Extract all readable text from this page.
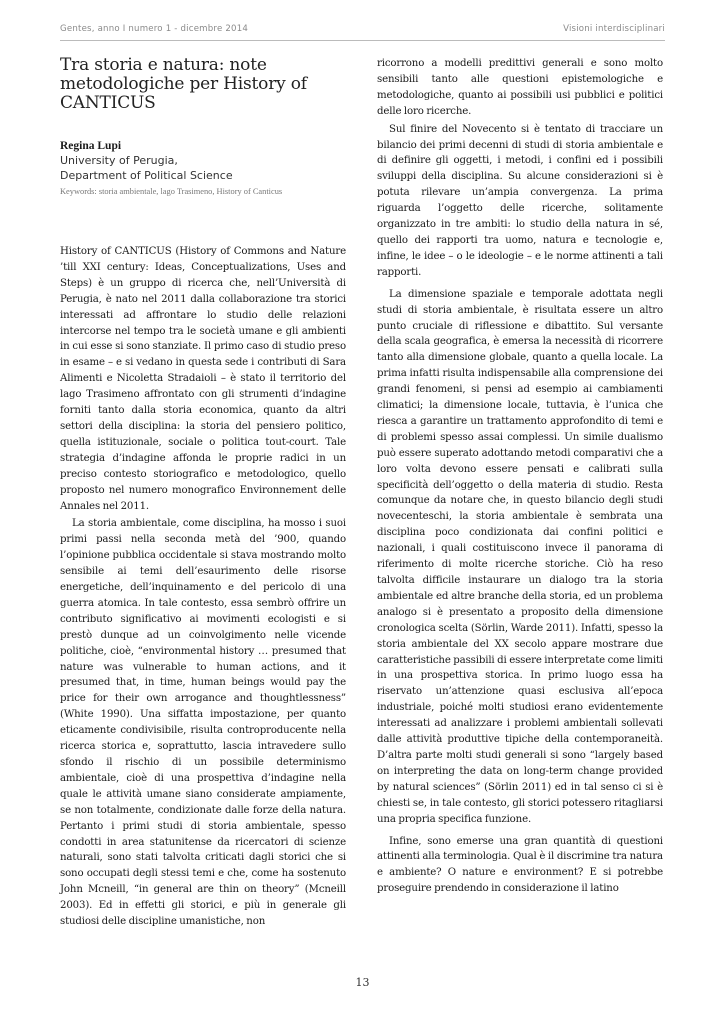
Gentes, anno I numero 1 - dicembre 2014	Visioni interdisciplinari
Tra storia e natura: note metodologiche per History of CANTICUS

Regina Lupi

University of Perugia,

Department of Political Science

Keywords: storia ambientale, lago Trasimeno, History of Canticus

History of CANTICUS (History of Commons and Nature ’till XXI century: Ideas, Conceptualizations, Uses and Steps) è un gruppo di ricerca che, nell’Università di Perugia, è nato nel 2011 dalla collaborazione tra storici interessati ad affrontare lo studio delle relazioni intercorse nel tempo tra le società umane e gli ambienti in cui esse si sono stanziate. Il primo caso di studio preso in esame – e si vedano in questa sede i contributi di Sara Alimenti e Nicoletta Stradaioli – è stato il territorio del lago Trasimeno affrontato con gli strumenti d’indagine forniti tanto dalla storia economica, quanto da altri settori della disciplina: la storia del pensiero politico, quella istituzionale, sociale o politica tout-court. Tale strategia d’indagine affonda le proprie radici in un preciso contesto storiografico e metodologico, quello proposto nel numero monografico Environnement delle Annales nel 2011.

La storia ambientale, come disciplina, ha mosso i suoi primi passi nella seconda metà del ’900, quando l’opinione pubblica occidentale si stava mostrando molto sensibile ai temi dell’esaurimento delle risorse energetiche, dell’inquinamento e del pericolo di una guerra atomica. In tale contesto, essa sembrò offrire un contributo significativo ai movimenti ecologisti e si prestò dunque ad un coinvolgimento nelle vicende politiche, cioè, “environmental history … presumed that nature was vulnerable to human actions, and it presumed that, in time, human beings would pay the price for their own arrogance and thoughtlessness” (White 1990). Una siffatta impostazione, per quanto eticamente condivisibile, risulta controproducente nella ricerca storica e, soprattutto, lascia intravedere sullo sfondo il rischio di un possibile determinismo ambientale, cioè di una prospettiva d’indagine nella quale le attività umane siano considerate ampiamente, se non totalmente, condizionate dalle forze della natura. Pertanto i primi studi di storia ambientale, spesso condotti in area statunitense da ricercatori di scienze naturali, sono stati talvolta criticati dagli storici che si sono occupati degli stessi temi e che, come ha sostenuto John Mcneill, “in general are thin on theory” (Mcneill 2003). Ed in effetti gli storici, e più in generale gli studiosi delle discipline umanistiche, non

ricorrono a modelli predittivi generali e sono molto sensibili tanto alle questioni epistemologiche e metodologiche, quanto ai possibili usi pubblici e politici delle loro ricerche.

Sul finire del Novecento si è tentato di tracciare un bilancio dei primi decenni di studi di storia ambientale e di definire gli oggetti, i metodi, i confini ed i possibili sviluppi della disciplina. Su alcune considerazioni si è potuta rilevare un’ampia convergenza. La prima riguarda l’oggetto delle ricerche, solitamente organizzato in tre ambiti: lo studio della natura in sé, quello dei rapporti tra uomo, natura e tecnologie e, infine, le idee – o le ideologie – e le norme attinenti a tali rapporti.

La dimensione spaziale e temporale adottata negli studi di storia ambientale, è risultata essere un altro punto cruciale di riflessione e dibattito. Sul versante della scala geografica, è emersa la necessità di ricorrere tanto alla dimensione globale, quanto a quella locale. La prima infatti risulta indispensabile alla comprensione dei grandi fenomeni, si pensi ad esempio ai cambiamenti climatici; la dimensione locale, tuttavia, è l’unica che riesca a garantire un trattamento approfondito di temi e di problemi spesso assai complessi. Un simile dualismo può essere superato adottando metodi comparativi che a loro volta devono essere pensati e calibrati sulla specificità dell’oggetto o della materia di studio. Resta comunque da notare che, in questo bilancio degli studi novecenteschi, la storia ambientale è sembrata una disciplina poco condizionata dai confini politici e nazionali, i quali costituiscono invece il panorama di riferimento di molte ricerche storiche. Ciò ha reso talvolta difficile instaurare un dialogo tra la storia ambientale ed altre branche della storia, ed un problema analogo si è presentato a proposito della dimensione cronologica scelta (Sörlin, Warde 2011). Infatti, spesso la storia ambientale del XX secolo appare mostrare due caratteristiche passibili di essere interpretate come limiti in una prospettiva storica. In primo luogo essa ha riservato un’attenzione quasi esclusiva all’epoca industriale, poiché molti studiosi erano evidentemente interessati ad analizzare i problemi ambientali sollevati dalle attività produttive tipiche della contemporaneità. D’altra parte molti studi generali si sono “largely based on interpreting the data on long-term change provided by natural sciences” (Sörlin 2011) ed in tal senso ci si è chiesti se, in tale contesto, gli storici potessero ritagliarsi una propria specifica funzione.

Infine, sono emerse una gran quantità di questioni attinenti alla terminologia. Qual è il discrimine tra natura e ambiente? O nature e environment? E si potrebbe proseguire prendendo in considerazione il latino

13
